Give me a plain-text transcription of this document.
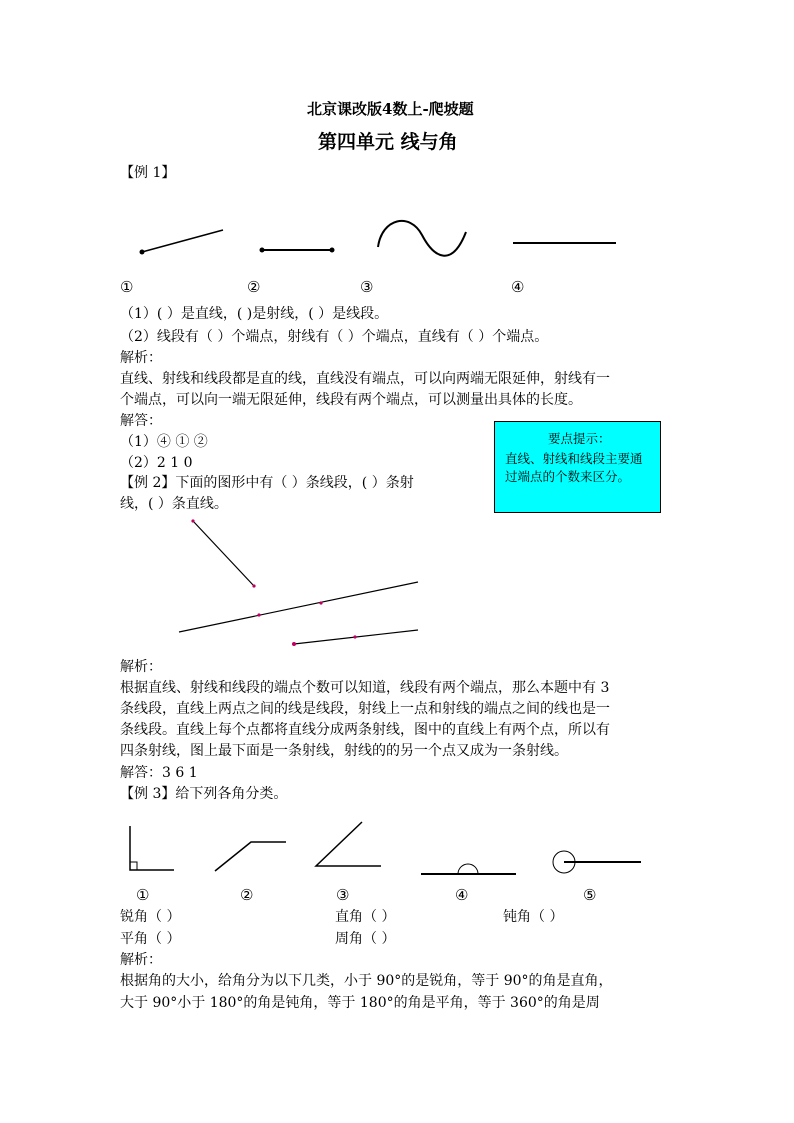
北京课改版4数上-爬坡题
第四单元 线与角
【例 1】
①	②	③	④
（1）( ）是直线，( )是射线，( ）是线段。
（2）线段有（ ）个端点，射线有（ ）个端点，直线有（ ）个端点。
解析：
直线、射线和线段都是直的线，直线没有端点，可以向两端无限延伸，射线有一
个端点，可以向一端无限延伸，线段有两个端点，可以测量出具体的长度。
解答：
（1）④ ① ②
（2）2 1 0
要点提示：
直线、射线和线段主要通
过端点的个数来区分。
【例 2】下面的图形中有（ ）条线段，( ）条射
线，( ）条直线。
解析：
根据直线、射线和线段的端点个数可以知道，线段有两个端点，那么本题中有 3
条线段，直线上两点之间的线是线段，射线上一点和射线的端点之间的线也是一
条线段。直线上每个点都将直线分成两条射线，图中的直线上有两个点，所以有
四条射线，图上最下面是一条射线，射线的的另一个点又成为一条射线。
解答：3 6 1
【例 3】给下列各角分类。
①	②	③	④	⑤
锐角（ ）	直角（ ）	钝角（ ）
平角（ ）	周角（ ）
解析：
根据角的大小，给角分为以下几类，小于 90°的是锐角，等于 90°的角是直角，
大于 90°小于 180°的角是钝角，等于 180°的角是平角，等于 360°的角是周
